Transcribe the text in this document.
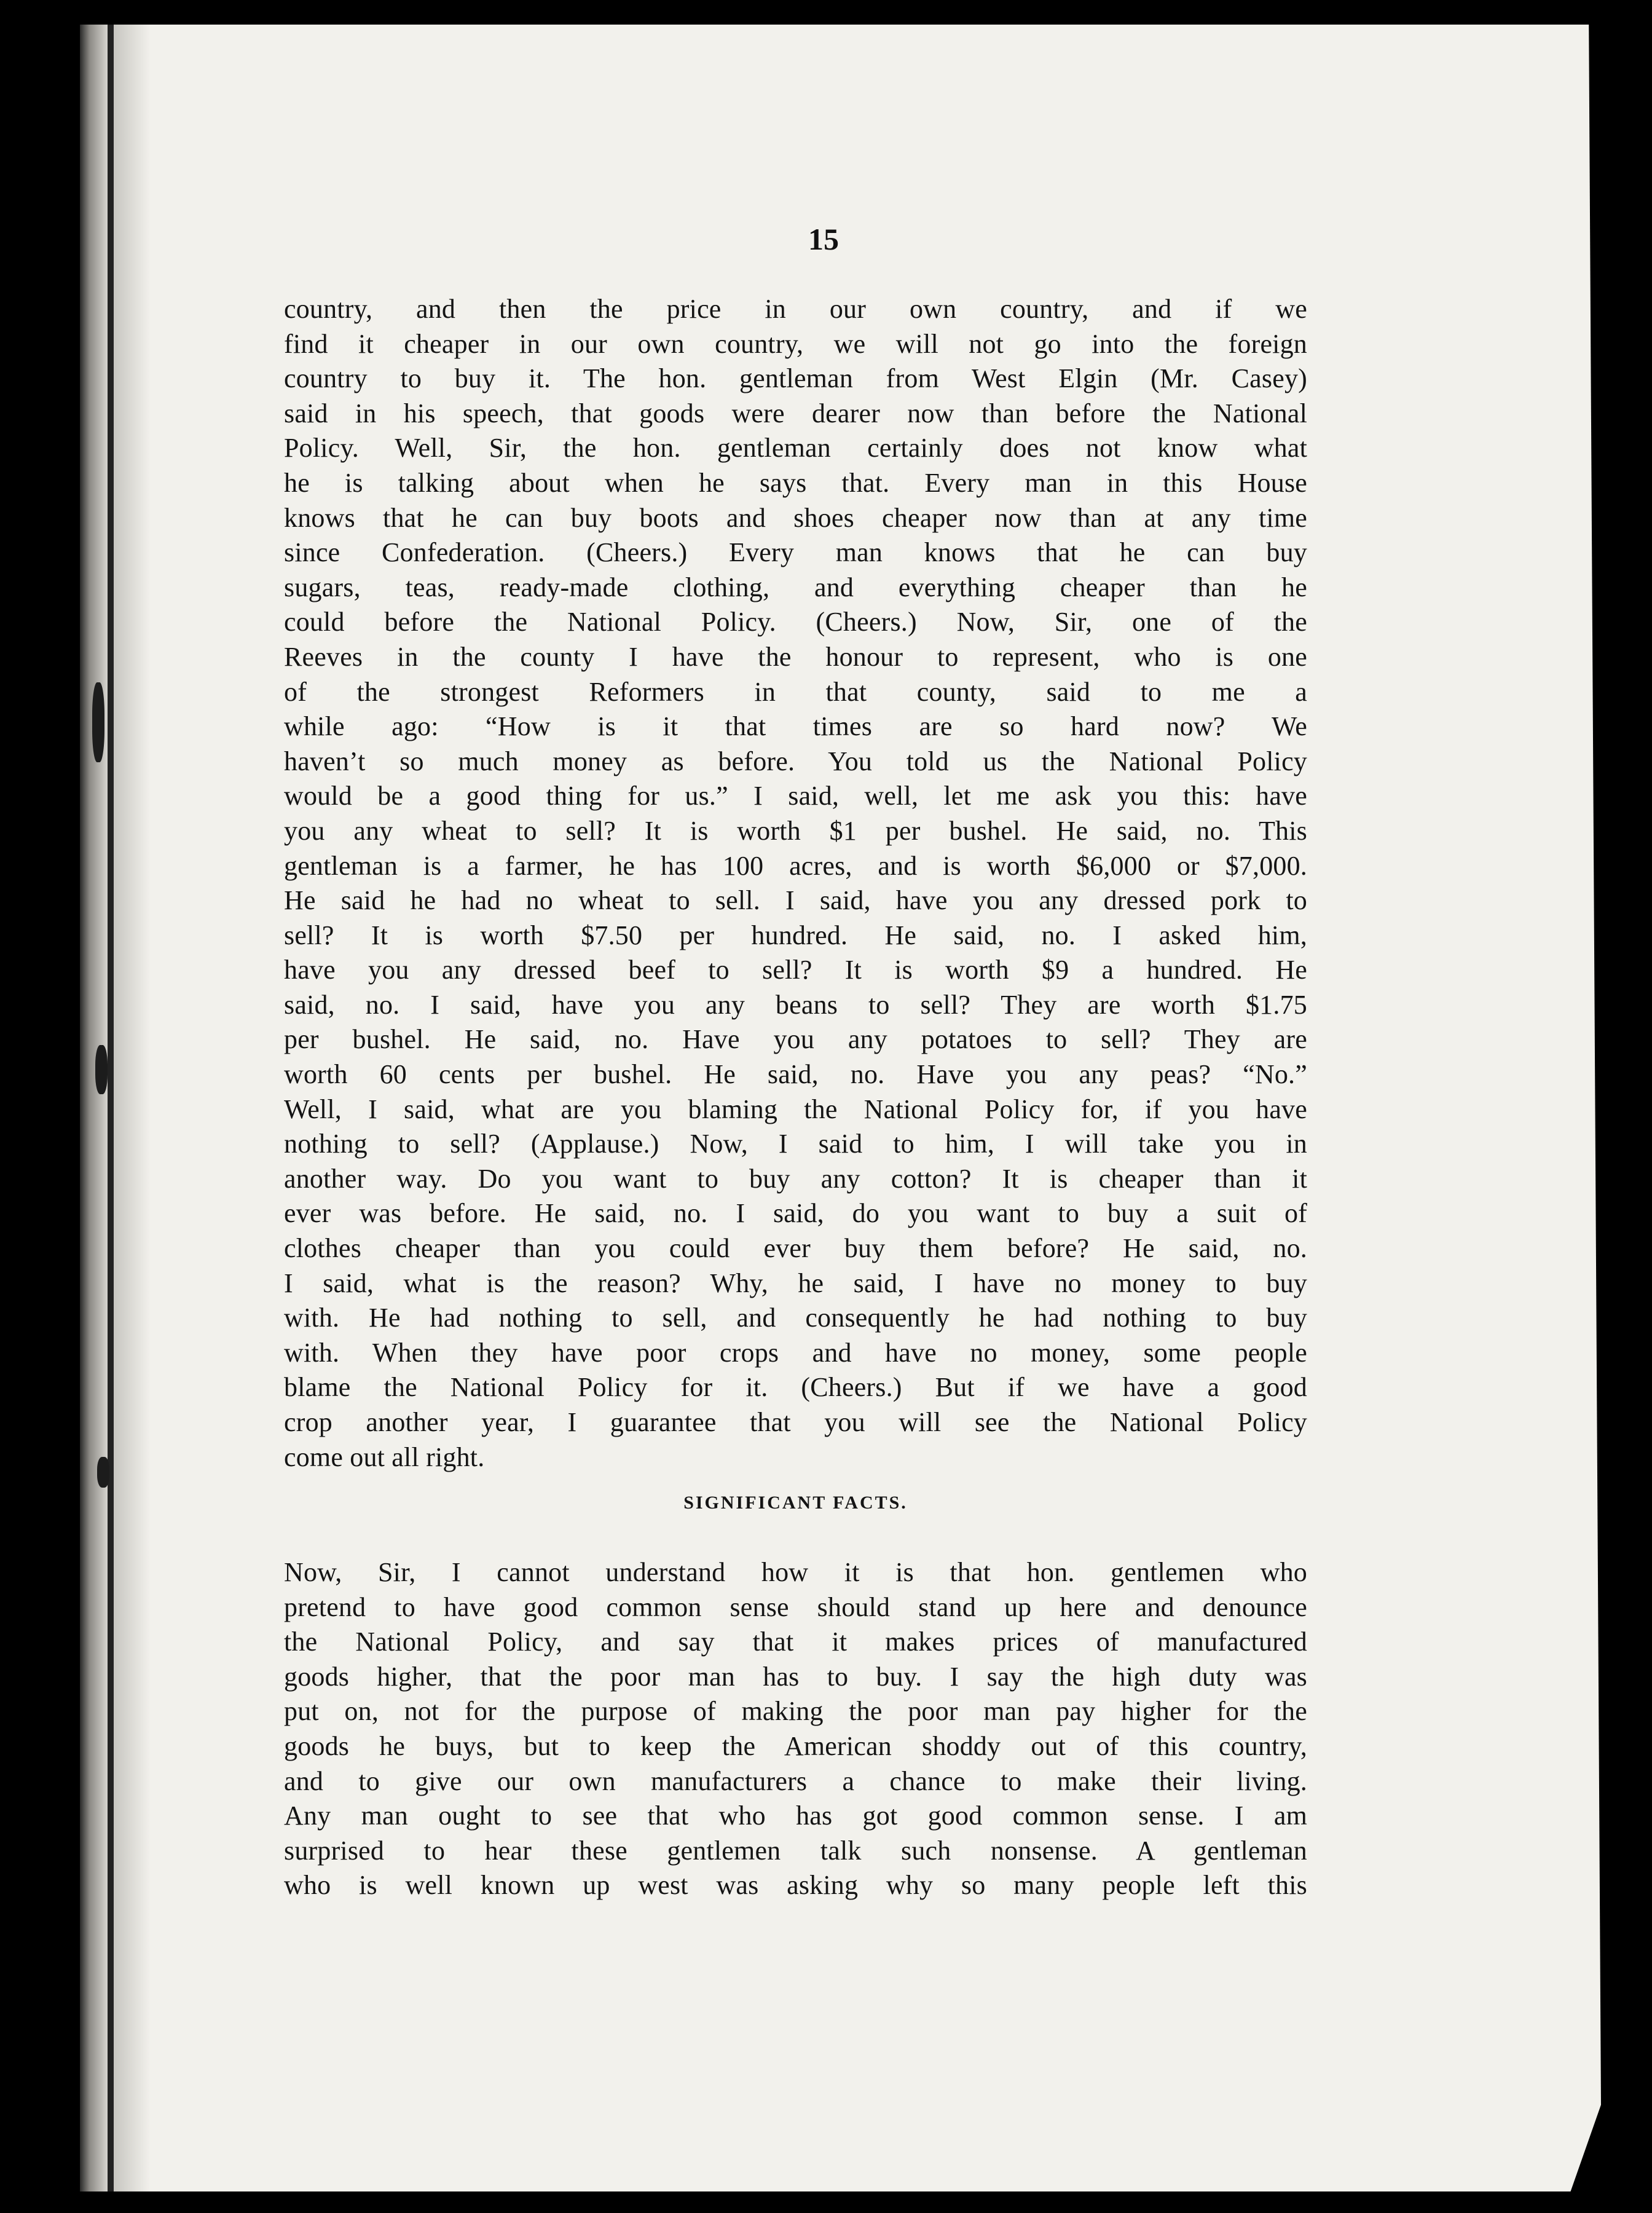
15
country, and then the price in our own country, and if we
find it cheaper in our own country, we will not go into the foreign
country to buy it. The hon. gentleman from West Elgin (Mr. Casey)
said in his speech, that goods were dearer now than before the National
Policy. Well, Sir, the hon. gentleman certainly does not know what
he is talking about when he says that. Every man in this House
knows that he can buy boots and shoes cheaper now than at any time
since Confederation. (Cheers.) Every man knows that he can buy
sugars, teas, ready-made clothing, and everything cheaper than he
could before the National Policy. (Cheers.) Now, Sir, one of the
Reeves in the county I have the honour to represent, who is one
of the strongest Reformers in that county, said to me a
while ago: “How is it that times are so hard now? We
haven’t so much money as before. You told us the National Policy
would be a good thing for us.” I said, well, let me ask you this: have
you any wheat to sell? It is worth $1 per bushel. He said, no. This
gentleman is a farmer, he has 100 acres, and is worth $6,000 or $7,000.
He said he had no wheat to sell. I said, have you any dressed pork to
sell? It is worth $7.50 per hundred. He said, no. I asked him,
have you any dressed beef to sell? It is worth $9 a hundred. He
said, no. I said, have you any beans to sell? They are worth $1.75
per bushel. He said, no. Have you any potatoes to sell? They are
worth 60 cents per bushel. He said, no. Have you any peas? “No.”
Well, I said, what are you blaming the National Policy for, if you have
nothing to sell? (Applause.) Now, I said to him, I will take you in
another way. Do you want to buy any cotton? It is cheaper than it
ever was before. He said, no. I said, do you want to buy a suit of
clothes cheaper than you could ever buy them before? He said, no.
I said, what is the reason? Why, he said, I have no money to buy
with. He had nothing to sell, and consequently he had nothing to buy
with. When they have poor crops and have no money, some people
blame the National Policy for it. (Cheers.) But if we have a good
crop another year, I guarantee that you will see the National Policy
come out all right.
SIGNIFICANT FACTS.
Now, Sir, I cannot understand how it is that hon. gentlemen who
pretend to have good common sense should stand up here and denounce
the National Policy, and say that it makes prices of manufactured
goods higher, that the poor man has to buy. I say the high duty was
put on, not for the purpose of making the poor man pay higher for the
goods he buys, but to keep the American shoddy out of this country,
and to give our own manufacturers a chance to make their living.
Any man ought to see that who has got good common sense. I am
surprised to hear these gentlemen talk such nonsense. A gentleman
who is well known up west was asking why so many people left this
